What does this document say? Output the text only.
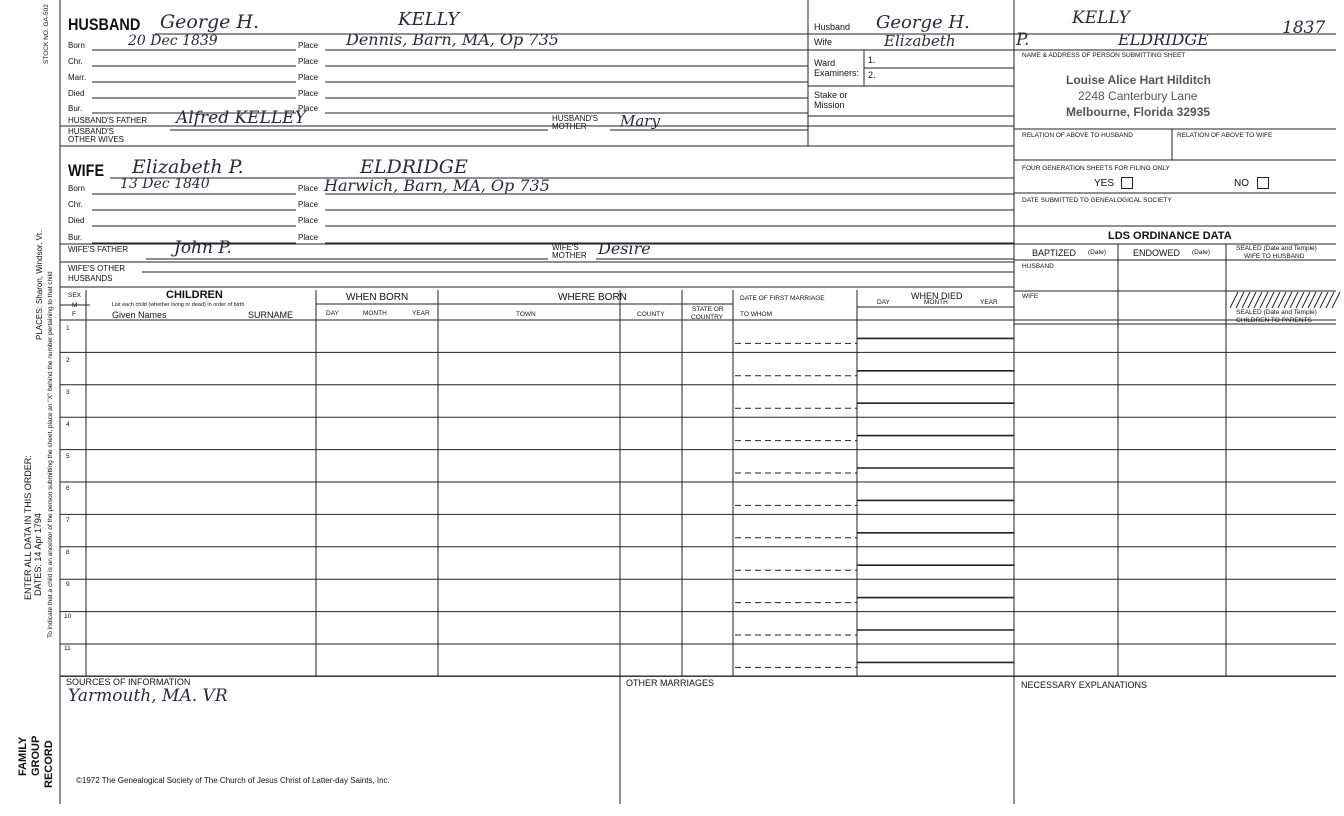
STOCK NO. GA-502
PLACES: Sharon, Windsor, Vt.
ENTER ALL DATA IN THIS ORDER: DATES: 14 Apr 1794 To indicate that a child is an ancestor of the person submitting the sheet, place an "X" behind the number pertaining to that child
FAMILY GROUP RECORD
HUSBAND George H.	KELLY
Born	20 Dec 1839	Place Dennis, Barn, MA, Op 735
Chr.	Place
Marr.	Place
Died	Place
Bur.	Place
HUSBAND'S FATHER Alfred KELLEY	HUSBAND'S
MOTHER Mary
HUSBAND'S
OTHER WIVES
WIFE Elizabeth P.	ELDRIDGE
Born	13 Dec 1840	Place Harwich, Barn, MA, Op 735
Chr.	Place
Died	Place
Bur.	Place
WIFE'S FATHER	John P.	WIFE'S
MOTHER Desire
WIFE'S OTHER
HUSBANDS
Husband George H.	KELLY	1837
Wife	Elizabeth	P.	ELDRIDGE
Ward
Examiners:
1.
2.
Stake or
Mission
NAME & ADDRESS OF PERSON SUBMITTING SHEET
Louise Alice Hart Hilditch
2248 Canterbury Lane
Melbourne, Florida 32935
RELATION OF ABOVE TO HUSBAND	RELATION OF ABOVE TO WIFE
FOUR GENERATION SHEETS FOR FILING ONLY
YES	NO
DATE SUBMITTED TO GENEALOGICAL SOCIETY
LDS ORDINANCE DATA
BAPTIZED (Date)	ENDOWED (Date)
SEALED (Date and Temple)
WIFE TO HUSBAND
HUSBAND
WIFE
SEALED (Date and Temple)
CHILDREN TO PARENTS
SEX
M
F
CHILDREN
List each child (whether living or dead) in order of birth
Given Names	SURNAME
WHEN BORN
DAY	MONTH	YEAR
WHERE BORN
TOWN	COUNTY
STATE OR
COUNTRY
DATE OF FIRST MARRIAGE
TO WHOM
WHEN DIED
DAY	MONTH	YEAR
1
2
3
4
5
6
7
8
9
10
11
SOURCES OF INFORMATION
Yarmouth, MA. VR
OTHER MARRIAGES	NECESSARY EXPLANATIONS
©1972 The Genealogical Society of The Church of Jesus Christ of Latter-day Saints, Inc.
